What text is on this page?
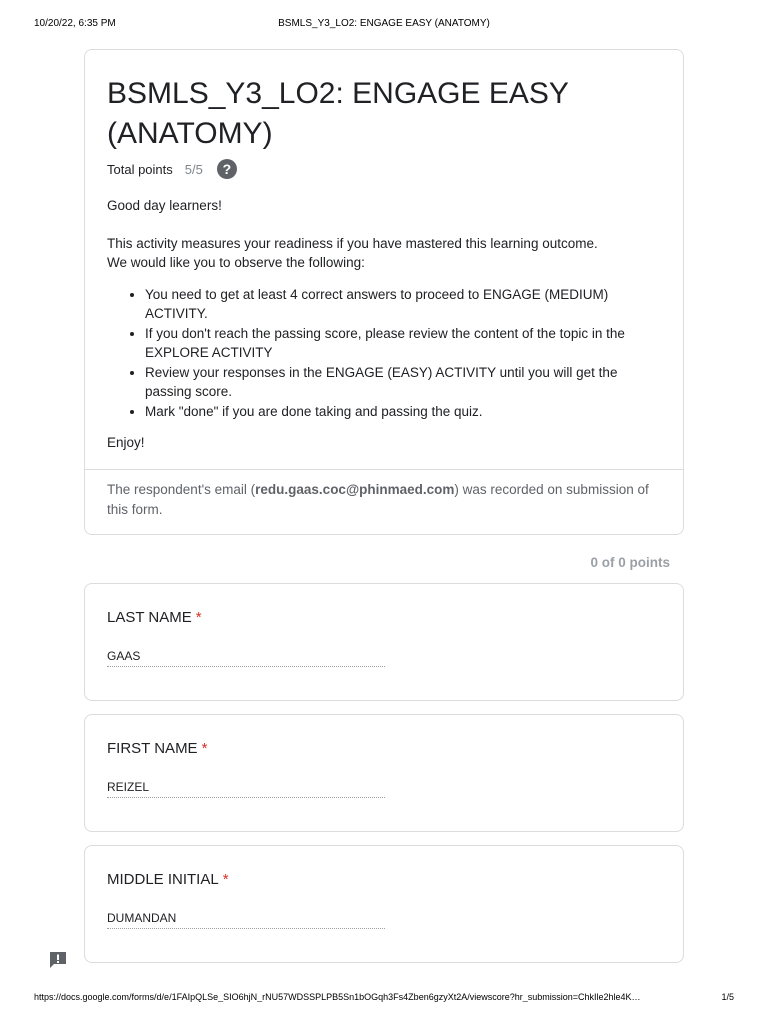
10/20/22, 6:35 PM	BSMLS_Y3_LO2: ENGAGE EASY (ANATOMY)
BSMLS_Y3_LO2: ENGAGE EASY (ANATOMY)
Total points 5/5	?

Good day learners!

This activity measures your readiness if you have mastered this learning outcome.

We would like you to observe the following:

• You need to get at least 4 correct answers to proceed to ENGAGE (MEDIUM) ACTIVITY.
• If you don't reach the passing score, please review the content of the topic in the EXPLORE ACTIVITY
• Review your responses in the ENGAGE (EASY) ACTIVITY until you will get the passing score.
• Mark "done" if you are done taking and passing the quiz.

Enjoy!

The respondent's email (redu.gaas.coc@phinmaed.com) was recorded on submission of this form.
0 of 0 points
LAST NAME *
GAAS
FIRST NAME *
REIZEL
MIDDLE INITIAL *
DUMANDAN
https://docs.google.com/forms/d/e/1FAIpQLSe_SIO6hjN_rNU57WDSSPLPB5Sn1bOGqh3Fs4Zben6gzyXt2A/viewscore?hr_submission=ChkIle2hle4K…	1/5
